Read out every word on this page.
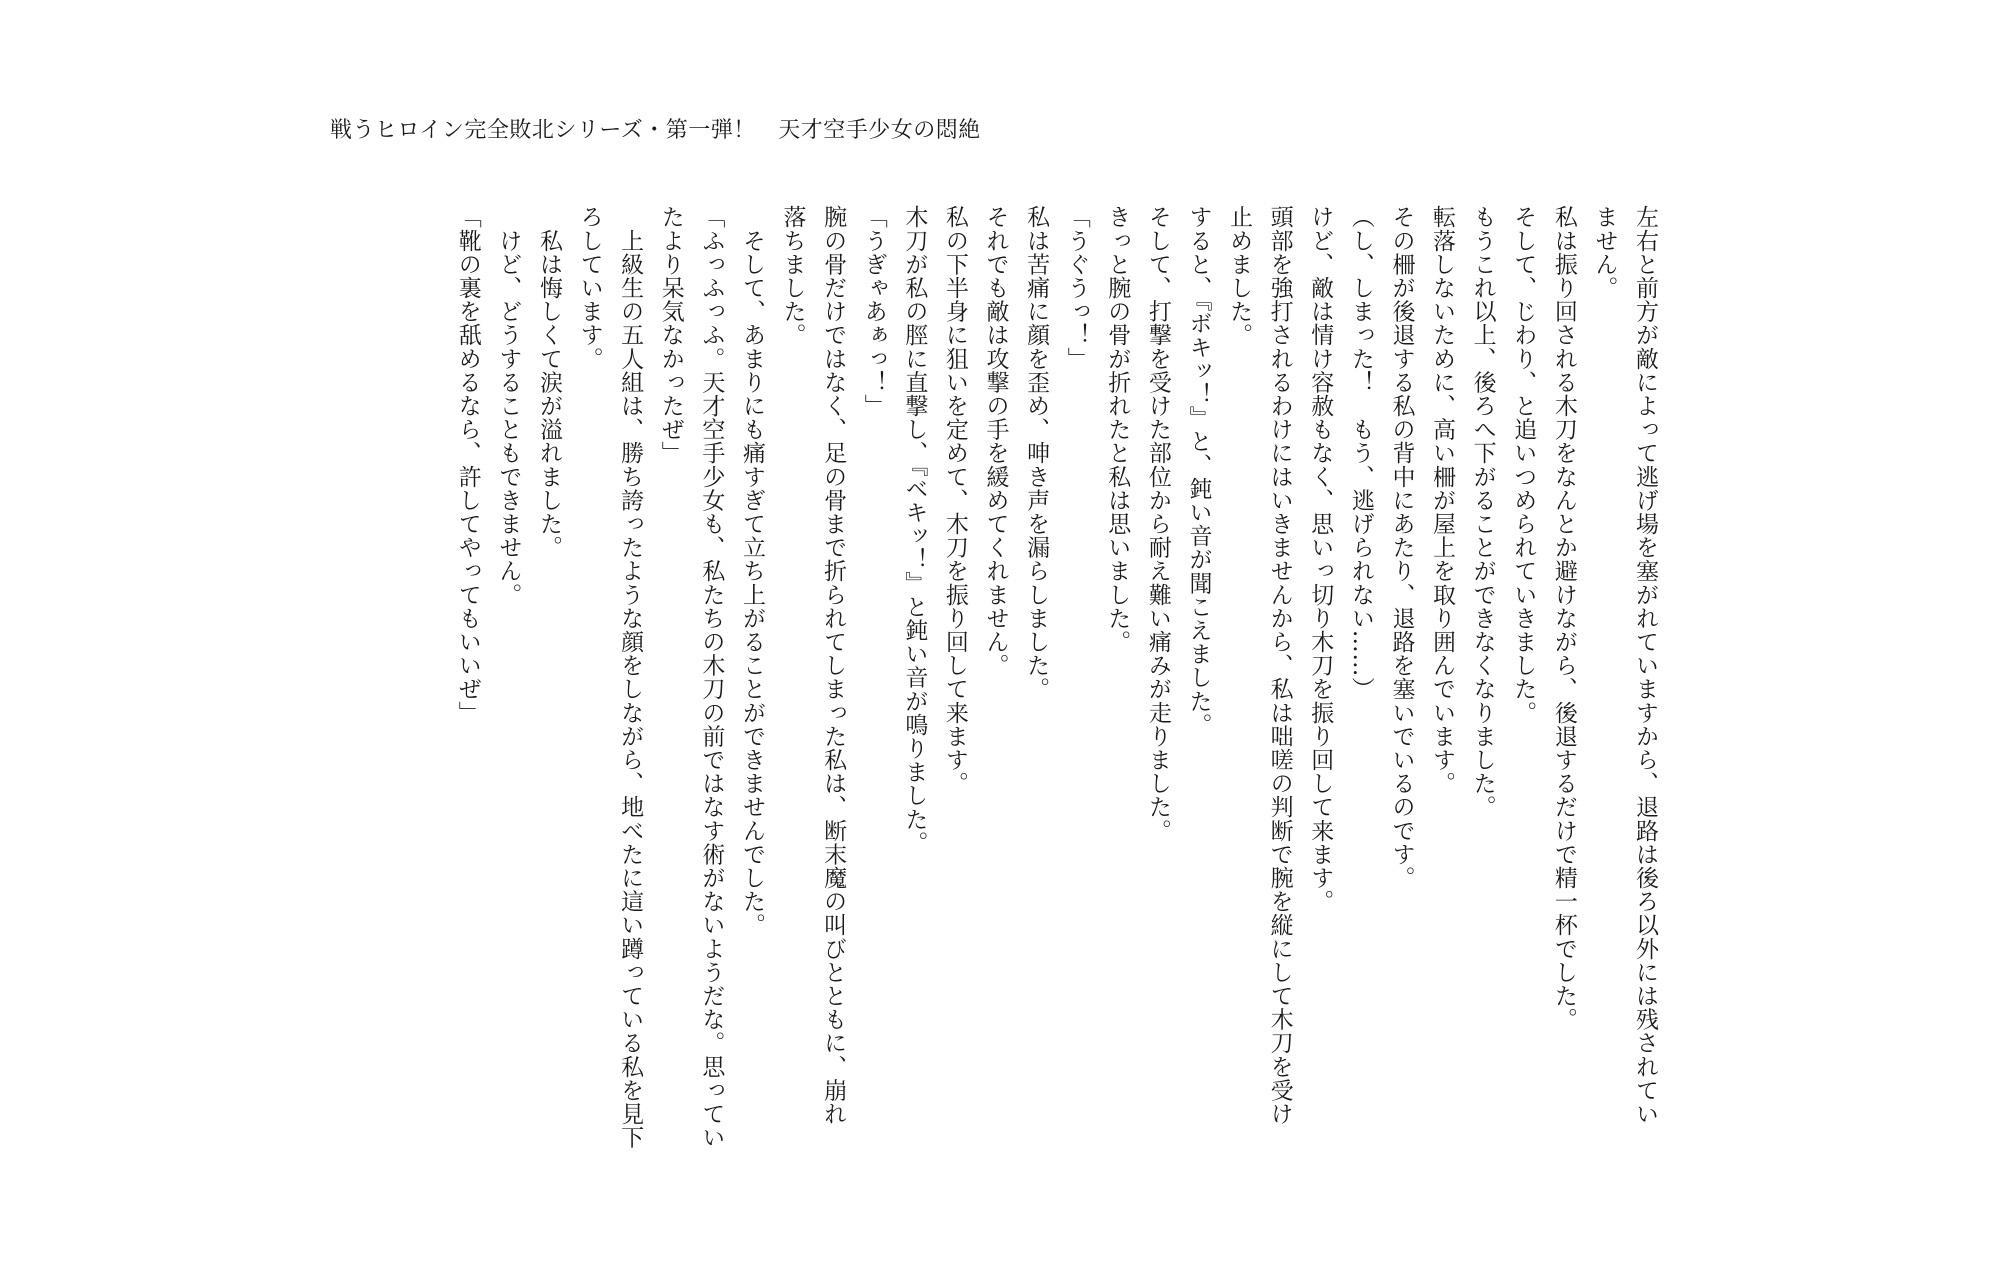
戦うヒロイン完全敗北シリーズ・第一弾！　天才空手少女の悶絶
左右と前方が敵によって逃げ場を塞がれていますから、退路は後ろ以外には残されてい
ません。
私は振り回される木刀をなんとか避けながら、後退するだけで精一杯でした。
そして、じわり、と追いつめられていきました。
もうこれ以上、後ろへ下がることができなくなりました。
転落しないために、高い柵が屋上を取り囲んでいます。
その柵が後退する私の背中にあたり、退路を塞いでいるのです。
（し、しまった！　もう、逃げられない……）
けど、敵は情け容赦もなく、思いっ切り木刀を振り回して来ます。
頭部を強打されるわけにはいきませんから、私は咄嗟の判断で腕を縦にして木刀を受け
止めました。
すると、『ボキッ！』と、鈍い音が聞こえました。
そして、打撃を受けた部位から耐え難い痛みが走りました。
きっと腕の骨が折れたと私は思いました。
「うぐうっ！」
私は苦痛に顔を歪め、呻き声を漏らしました。
それでも敵は攻撃の手を緩めてくれません。
私の下半身に狙いを定めて、木刀を振り回して来ます。
木刀が私の脛に直撃し、『ベキッ！』と鈍い音が鳴りました。
「うぎゃあぁっ！」
腕の骨だけではなく、足の骨まで折られてしまった私は、断末魔の叫びとともに、崩れ
落ちました。
　そして、あまりにも痛すぎて立ち上がることができませんでした。
「ふっふっふ。天才空手少女も、私たちの木刀の前ではなす術がないようだな。思ってい
たより呆気なかったぜ」
　上級生の五人組は、勝ち誇ったような顔をしながら、地べたに這い蹲っている私を見下
ろしています。
　私は悔しくて涙が溢れました。
　けど、どうすることもできません。
「靴の裏を舐めるなら、許してやってもいいぜ」
